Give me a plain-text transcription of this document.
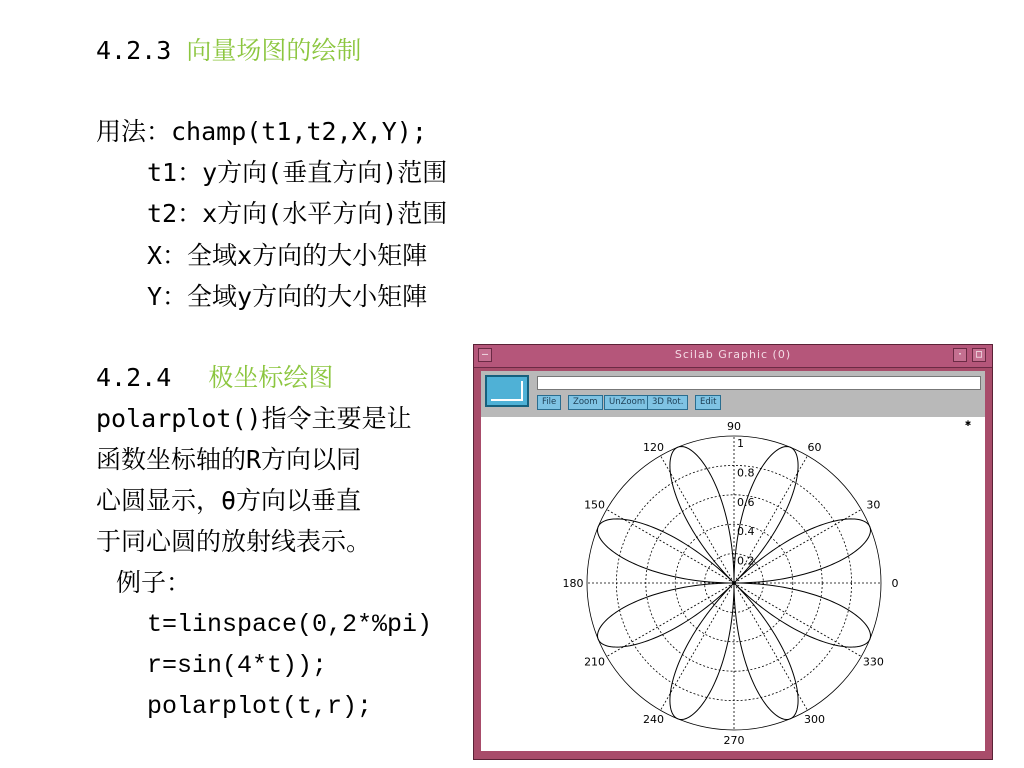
4.2.3 向量场图的绘制
用法：champ(t1,t2,X,Y);
t1：y方向(垂直方向)范围
t2：x方向(水平方向)范围
X：全域x方向的大小矩陣
Y：全域y方向的大小矩陣
4.2.4 极坐标绘图
polarplot()指令主要是让
函数坐标轴的R方向以同
心圆显示，θ方向以垂直
于同心圆的放射线表示。
例子：
t=linspace(0,2*%pi)
r=sin(4*t));
polarplot(t,r);
–	Scilab Graphic (0)	·	□
File	Zoom	UnZoom 3D Rot.	Edit
✱
0.2
0.4
0.6
0.8
1
0
30
60
90
120
150
180
210
240
270
300
330
